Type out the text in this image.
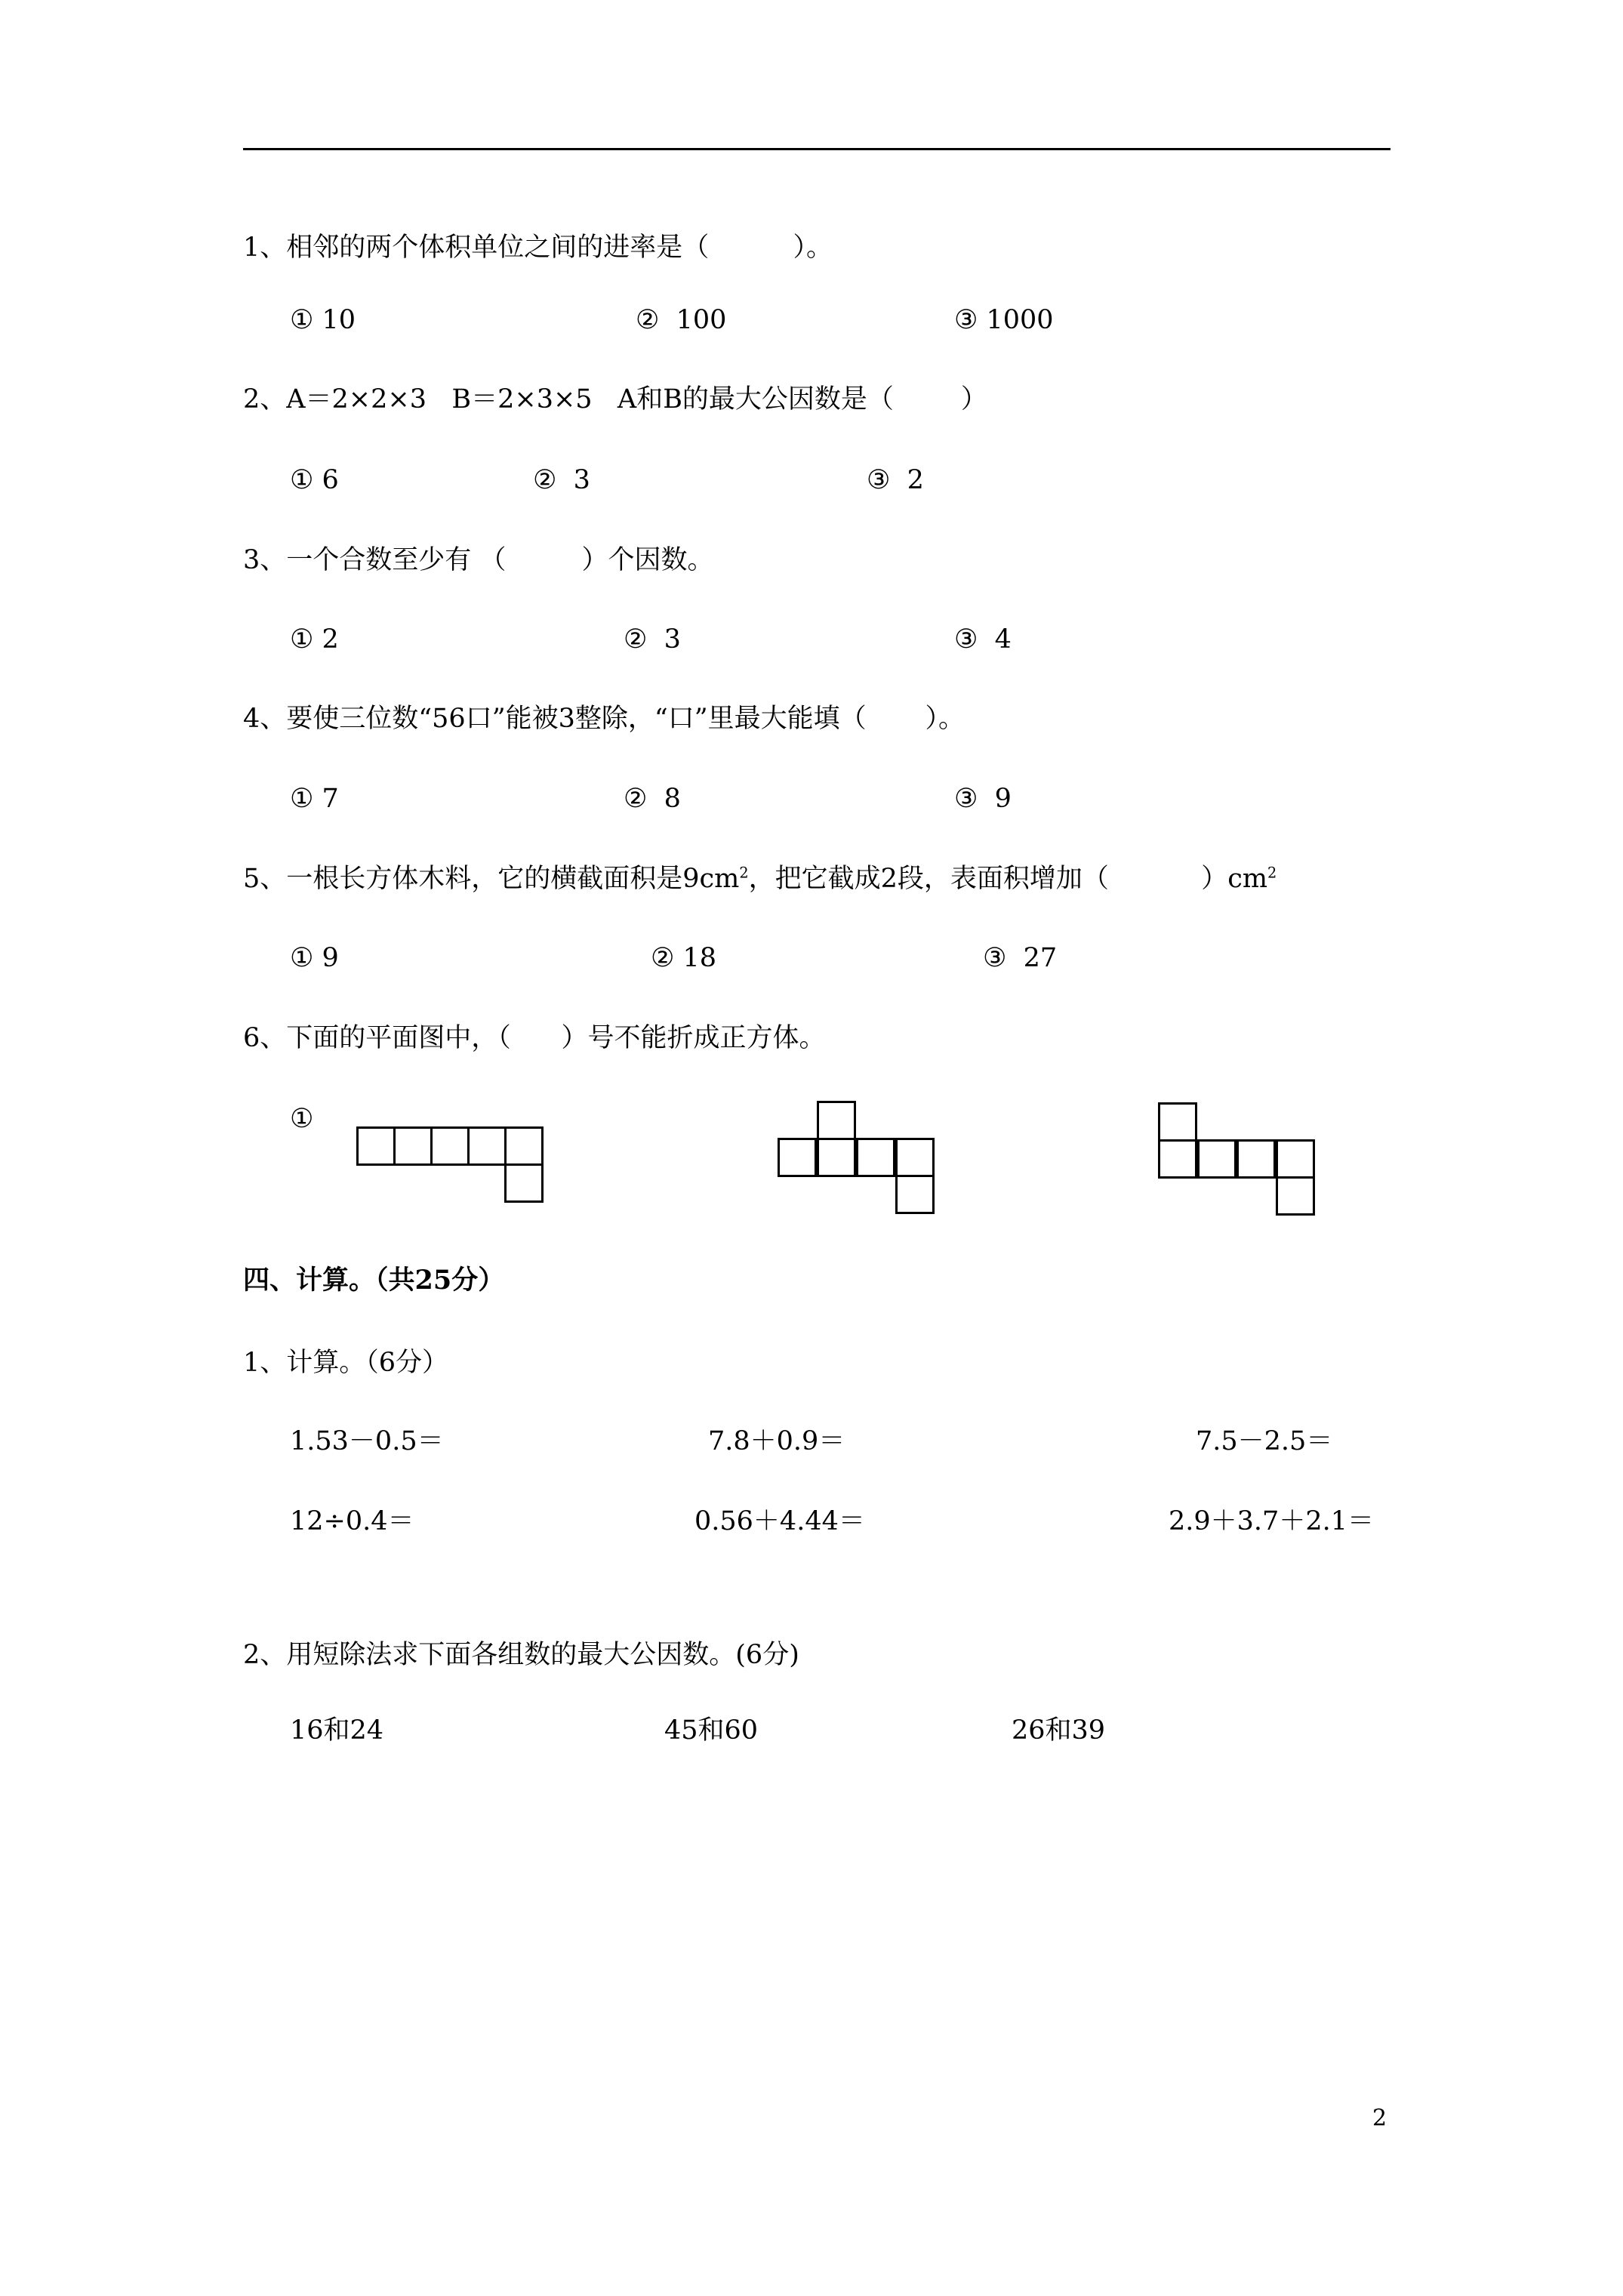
1、相邻的两个体积单位之间的进率是（          ）。
① 10	②  100	③ 1000
2、A＝2×2×3   B＝2×3×5   A和B的最大公因数是（        ）
① 6	②  3	③  2
3、一个合数至少有 （         ）个因数。
① 2	②  3	③  4
4、要使三位数“56口”能被3整除，“口”里最大能填（       ）。
① 7	②  8	③  9
5、一根长方体木料，它的横截面积是$9cm^2$，把它截成2段，表面积增加（           ）$cm^2$
① 9	② 18	③  27
6、下面的平面图中，（      ）号不能折成正方体。
①
四、计算。（共25分）
1、计算。（6分）
1.53－0.5＝	7.8＋0.9＝	7.5－2.5＝
12÷0.4＝	0.56＋4.44＝	2.9＋3.7＋2.1＝
2、用短除法求下面各组数的最大公因数。(6分)
16和24	45和60	26和39
2
